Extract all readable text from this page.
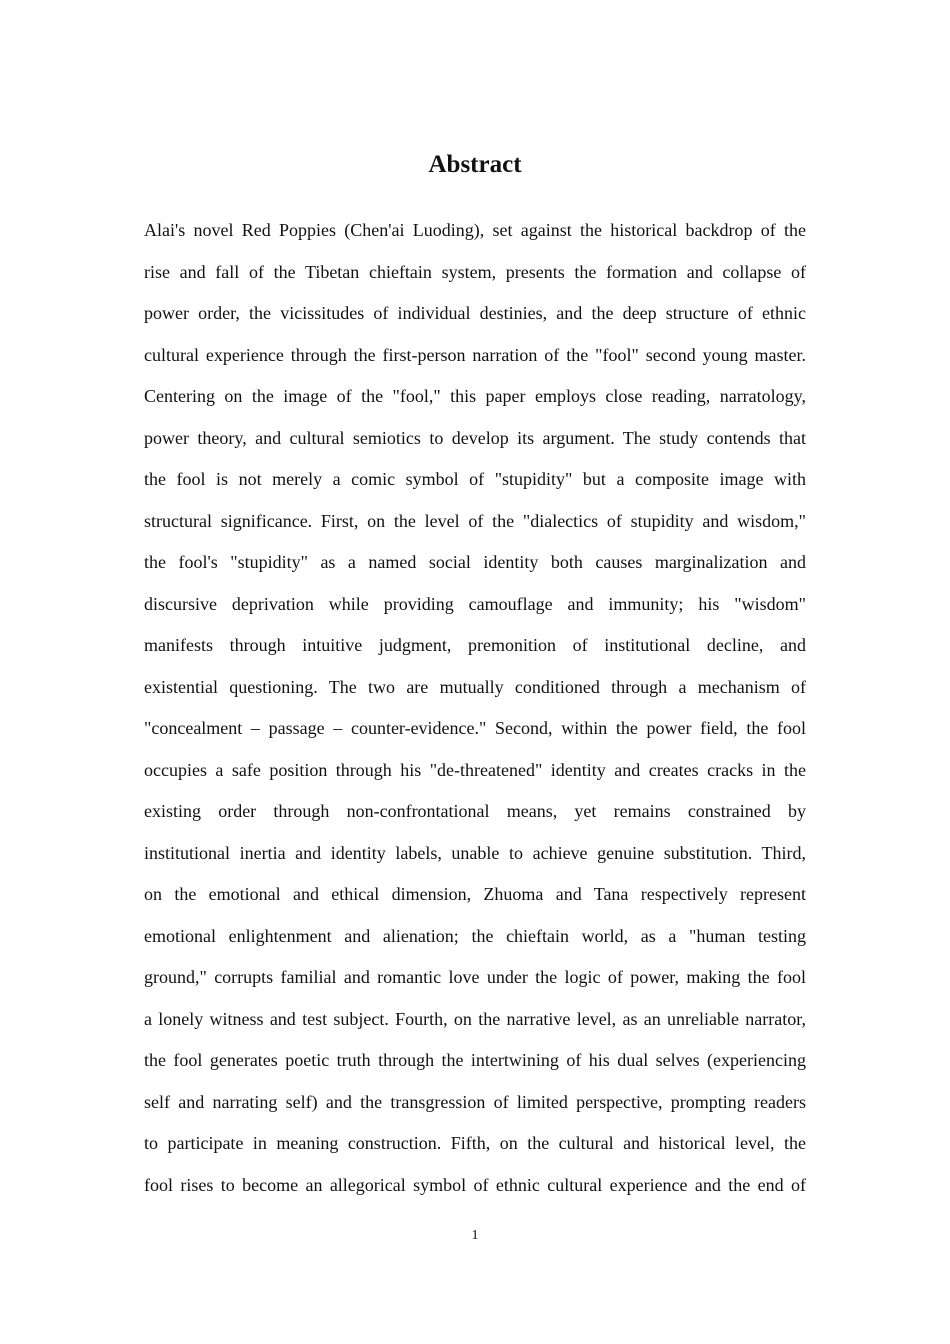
Abstract
Alai's novel Red Poppies (Chen'ai Luoding), set against the historical backdrop of the
rise and fall of the Tibetan chieftain system, presents the formation and collapse of
power order, the vicissitudes of individual destinies, and the deep structure of ethnic
cultural experience through the first-person narration of the "fool" second young master.
Centering on the image of the "fool," this paper employs close reading, narratology,
power theory, and cultural semiotics to develop its argument. The study contends that
the fool is not merely a comic symbol of "stupidity" but a composite image with
structural significance. First, on the level of the "dialectics of stupidity and wisdom,"
the fool's "stupidity" as a named social identity both causes marginalization and
discursive deprivation while providing camouflage and immunity; his "wisdom"
manifests through intuitive judgment, premonition of institutional decline, and
existential questioning. The two are mutually conditioned through a mechanism of
"concealment – passage – counter-evidence." Second, within the power field, the fool
occupies a safe position through his "de-threatened" identity and creates cracks in the
existing order through non-confrontational means, yet remains constrained by
institutional inertia and identity labels, unable to achieve genuine substitution. Third,
on the emotional and ethical dimension, Zhuoma and Tana respectively represent
emotional enlightenment and alienation; the chieftain world, as a "human testing
ground," corrupts familial and romantic love under the logic of power, making the fool
a lonely witness and test subject. Fourth, on the narrative level, as an unreliable narrator,
the fool generates poetic truth through the intertwining of his dual selves (experiencing
self and narrating self) and the transgression of limited perspective, prompting readers
to participate in meaning construction. Fifth, on the cultural and historical level, the
fool rises to become an allegorical symbol of ethnic cultural experience and the end of
1
